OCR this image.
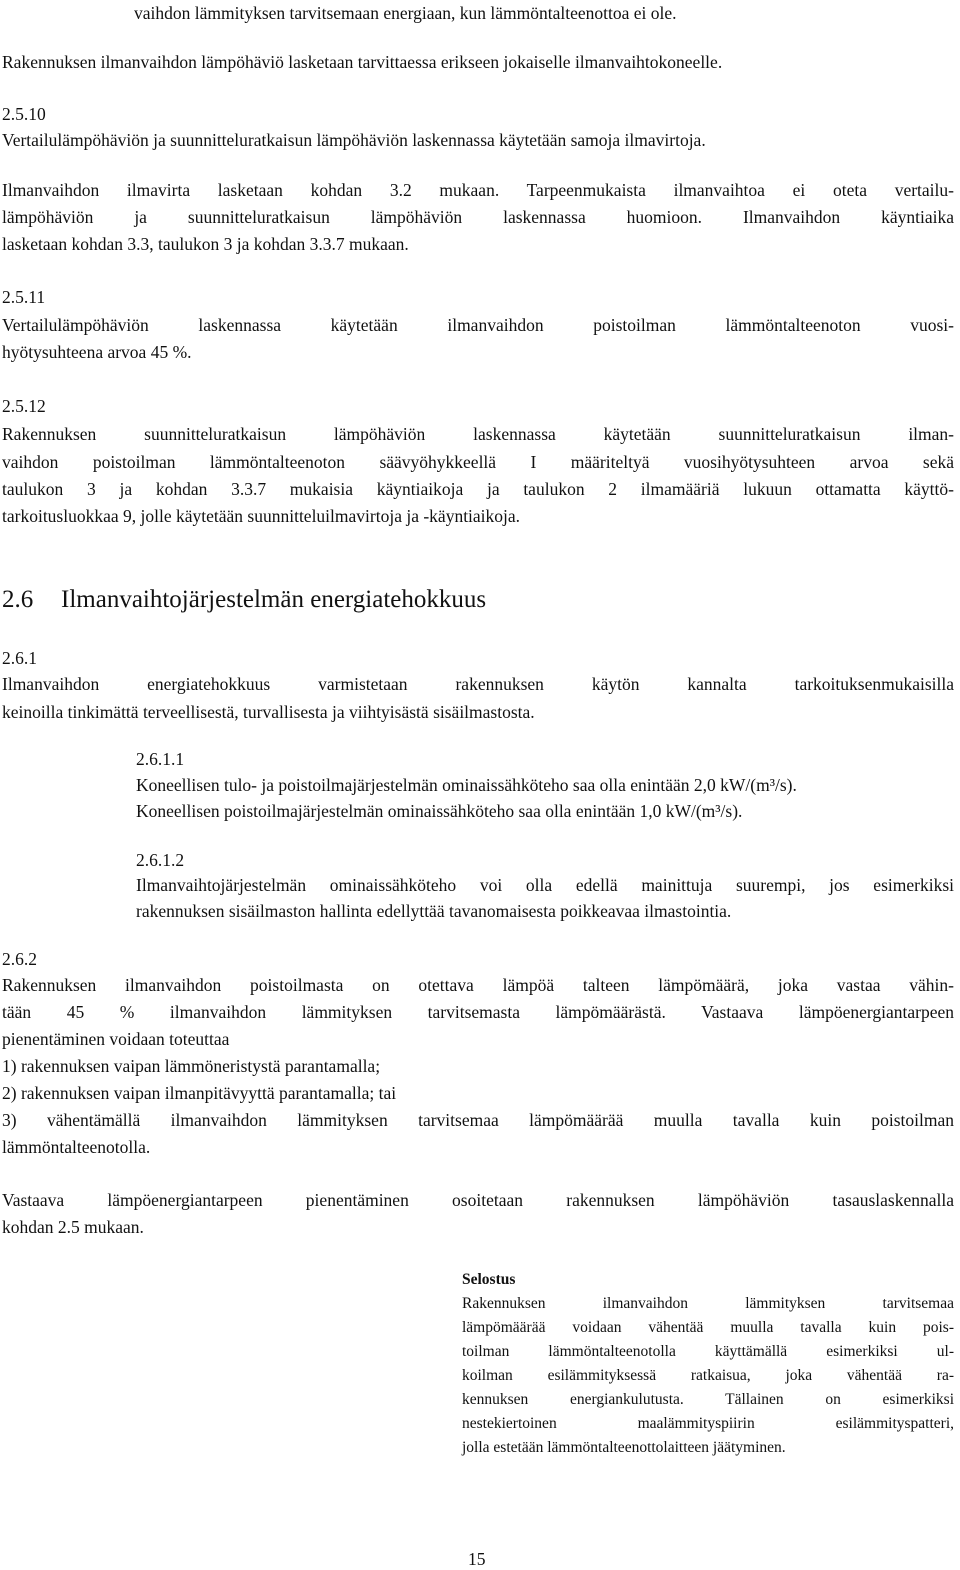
vaihdon lämmityksen tarvitsemaan energiaan, kun lämmöntalteenottoa ei ole.
Rakennuksen ilmanvaihdon lämpöhäviö lasketaan tarvittaessa erikseen jokaiselle ilmanvaihtokoneelle.
2.5.10
Vertailulämpöhäviön ja suunnitteluratkaisun lämpöhäviön laskennassa käytetään samoja ilmavirtoja.
Ilmanvaihdon ilmavirta lasketaan kohdan 3.2 mukaan. Tarpeenmukaista ilmanvaihtoa ei oteta vertailu-
lämpöhäviön ja suunnitteluratkaisun lämpöhäviön laskennassa huomioon. Ilmanvaihdon käyntiaika
lasketaan kohdan 3.3, taulukon 3 ja kohdan 3.3.7 mukaan.
2.5.11
Vertailulämpöhäviön laskennassa käytetään ilmanvaihdon poistoilman lämmöntalteenoton vuosi-
hyötysuhteena arvoa 45 %.
2.5.12
Rakennuksen suunnitteluratkaisun lämpöhäviön laskennassa käytetään suunnitteluratkaisun ilman-
vaihdon poistoilman lämmöntalteenoton säävyöhykkeellä I määriteltyä vuosihyötysuhteen arvoa sekä
taulukon 3 ja kohdan 3.3.7 mukaisia käyntiaikoja ja taulukon 2 ilmamääriä lukuun ottamatta käyttö-
tarkoitusluokkaa 9, jolle käytetään suunnitteluilmavirtoja ja -käyntiaikoja.
2.6 Ilmanvaihtojärjestelmän energiatehokkuus
2.6.1
Ilmanvaihdon energiatehokkuus varmistetaan rakennuksen käytön kannalta tarkoituksenmukaisilla
keinoilla tinkimättä terveellisestä, turvallisesta ja viihtyisästä sisäilmastosta.
2.6.1.1
Koneellisen tulo- ja poistoilmajärjestelmän ominaissähköteho saa olla enintään 2,0 kW/(m³/s).
Koneellisen poistoilmajärjestelmän ominaissähköteho saa olla enintään 1,0 kW/(m³/s).
2.6.1.2
Ilmanvaihtojärjestelmän ominaissähköteho voi olla edellä mainittuja suurempi, jos esimerkiksi
rakennuksen sisäilmaston hallinta edellyttää tavanomaisesta poikkeavaa ilmastointia.
2.6.2
Rakennuksen ilmanvaihdon poistoilmasta on otettava lämpöä talteen lämpömäärä, joka vastaa vähin-
tään 45 % ilmanvaihdon lämmityksen tarvitsemasta lämpömäärästä. Vastaava lämpöenergiantarpeen
pienentäminen voidaan toteuttaa
1) rakennuksen vaipan lämmöneristystä parantamalla;
2) rakennuksen vaipan ilmanpitävyyttä parantamalla; tai
3) vähentämällä ilmanvaihdon lämmityksen tarvitsemaa lämpömäärää muulla tavalla kuin poistoilman
lämmöntalteenotolla.
Vastaava lämpöenergiantarpeen pienentäminen osoitetaan rakennuksen lämpöhäviön tasauslaskennalla
kohdan 2.5 mukaan.
Selostus
Rakennuksen ilmanvaihdon lämmityksen tarvitsemaa
lämpömäärää voidaan vähentää muulla tavalla kuin pois-
toilman lämmöntalteenotolla käyttämällä esimerkiksi ul-
koilman esilämmityksessä ratkaisua, joka vähentää ra-
kennuksen energiankulutusta. Tällainen on esimerkiksi
nestekiertoinen maalämmityspiirin esilämmityspatteri,
jolla estetään lämmöntalteenottolaitteen jäätyminen.
15
